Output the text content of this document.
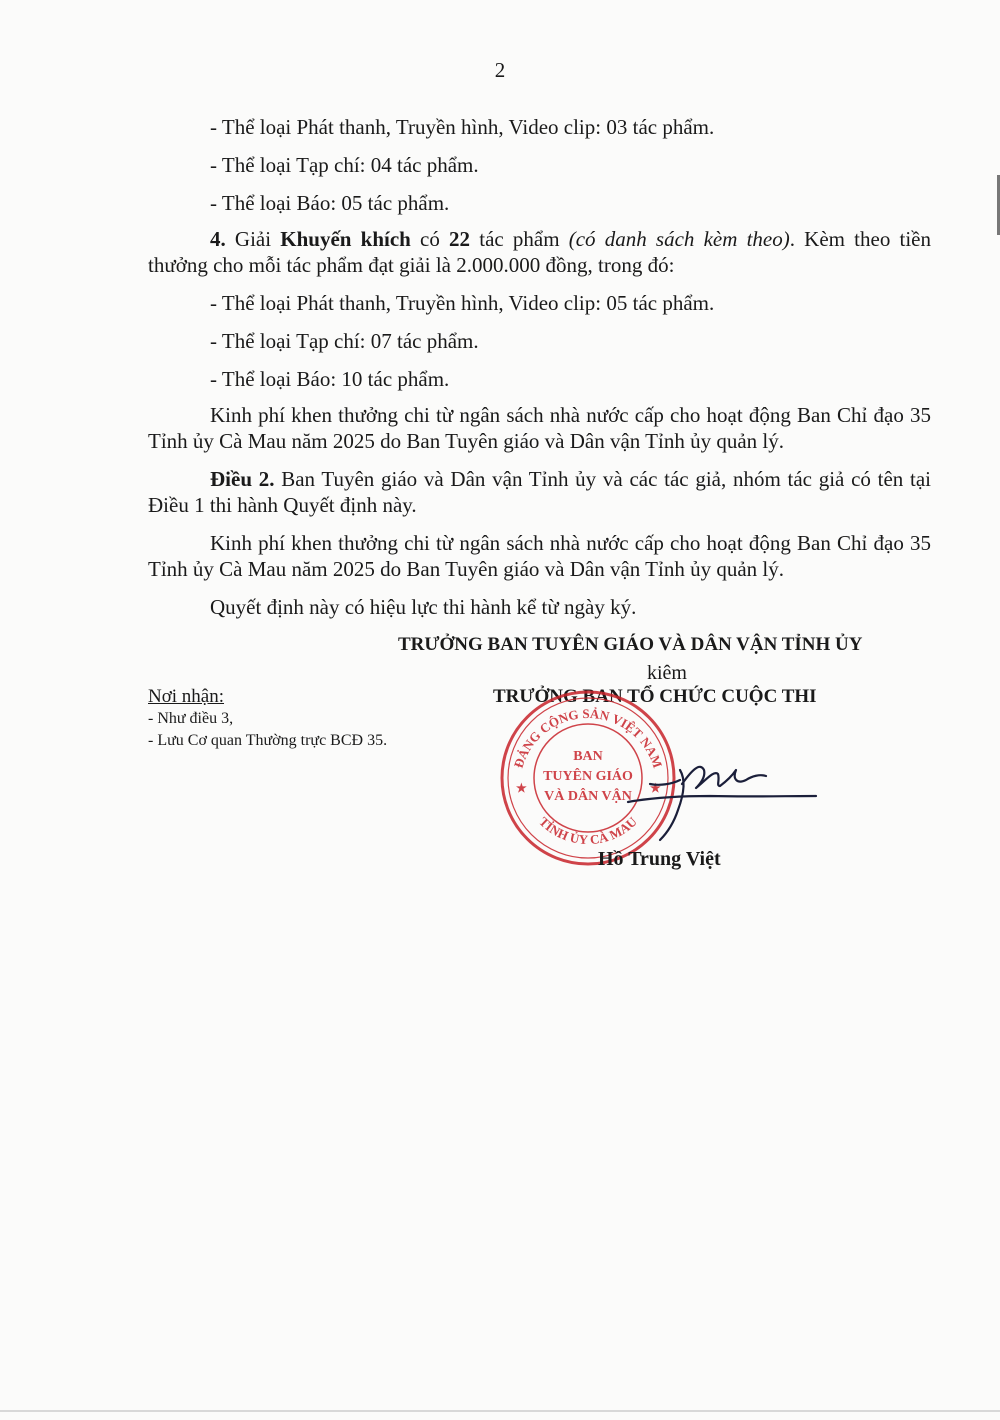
2
- Thể loại Phát thanh, Truyền hình, Video clip: 03 tác phẩm.
- Thể loại Tạp chí: 04 tác phẩm.
- Thể loại Báo: 05 tác phẩm.
4. Giải Khuyến khích có 22 tác phẩm (có danh sách kèm theo). Kèm theo tiền thưởng cho mỗi tác phẩm đạt giải là 2.000.000 đồng, trong đó:
- Thể loại Phát thanh, Truyền hình, Video clip: 05 tác phẩm.
- Thể loại Tạp chí: 07 tác phẩm.
- Thể loại Báo: 10 tác phẩm.
Kinh phí khen thưởng chi từ ngân sách nhà nước cấp cho hoạt động Ban Chỉ đạo 35 Tỉnh ủy Cà Mau năm 2025 do Ban Tuyên giáo và Dân vận Tỉnh ủy quản lý.
Điều 2. Ban Tuyên giáo và Dân vận Tỉnh ủy và các tác giả, nhóm tác giả có tên tại Điều 1 thi hành Quyết định này.
Kinh phí khen thưởng chi từ ngân sách nhà nước cấp cho hoạt động Ban Chỉ đạo 35 Tỉnh ủy Cà Mau năm 2025 do Ban Tuyên giáo và Dân vận Tỉnh ủy quản lý.
Quyết định này có hiệu lực thi hành kể từ ngày ký.
TRƯỞNG BAN TUYÊN GIÁO VÀ DÂN VẬN TỈNH ỦY
kiêm
TRƯỞNG BAN TỔ CHỨC CUỘC THI
Nơi nhận:
- Như điều 3,
- Lưu Cơ quan Thường trực BCĐ 35.
ĐẢNG CỘNG SẢN VIỆT NAM
TỈNH ỦY CÀ MAU
BAN
TUYÊN GIÁO
VÀ DÂN VẬN
★	★
Hồ Trung Việt
